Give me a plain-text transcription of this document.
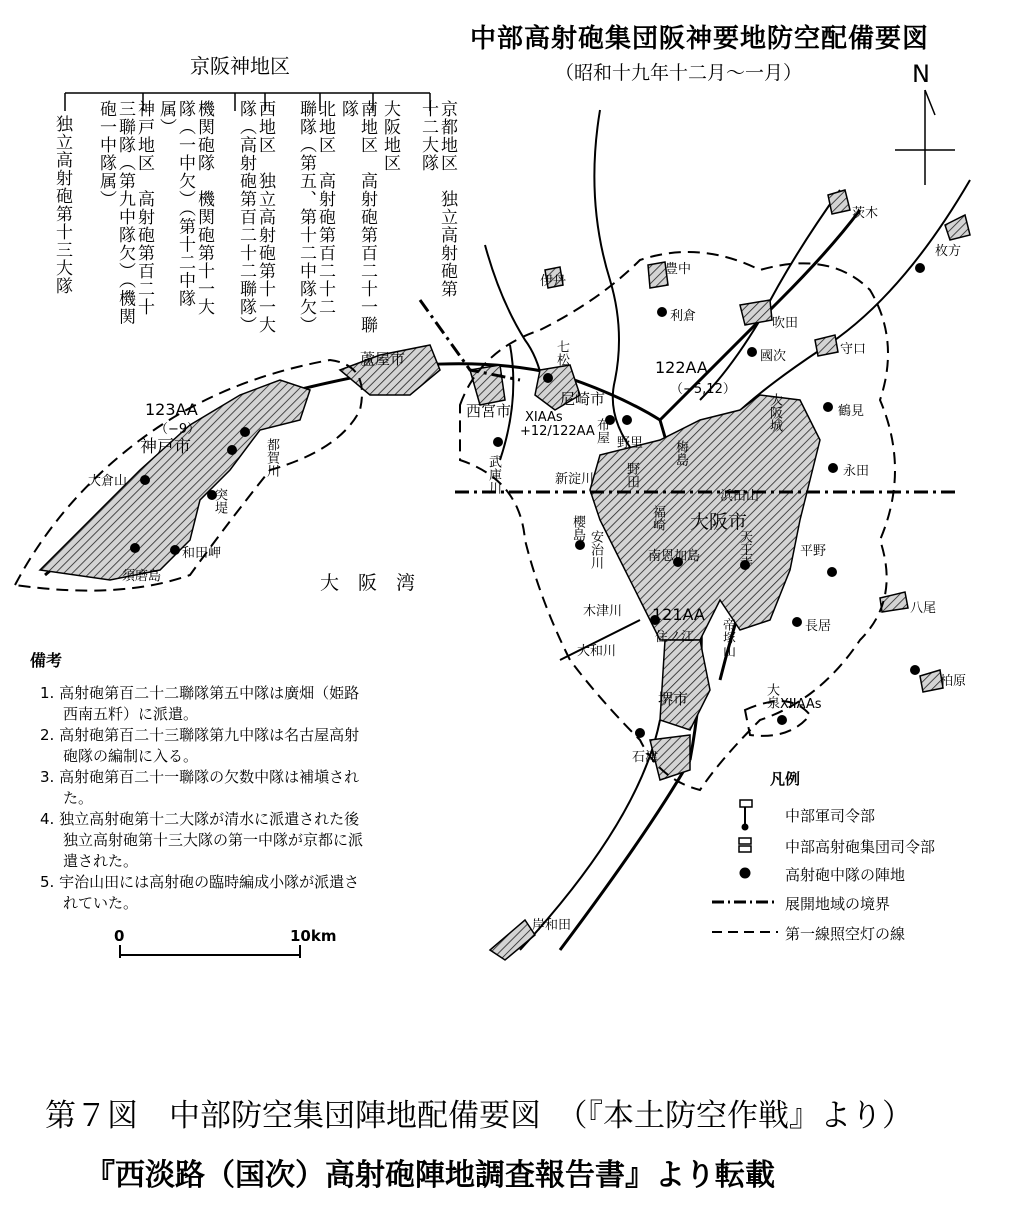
中部高射砲集団阪神要地防空配備要図
（昭和十九年十二月～一月）
京阪神地区
京都地区　独立高射砲第十二大隊
大阪地区
南地区　高射砲第百二十一聯隊
北地区　高射砲第百二十二聯隊（第五、第十二中隊欠）
西地区　独立高射砲第十一大隊（高射砲第百二十二聯隊）
機関砲隊　機関砲第十一大隊（一中欠）（第十二中隊属）
神戸地区　高射砲第百二十三聯隊（第九中隊欠）（機関砲一中隊属）
独立高射砲第十三大隊
N
尼崎市
西宮市
蘆屋市
神戸市
大阪市
大阪城
堺市
伊丹
豊中
茨木
枚方
吹田
守口
鶴見
永田
國次
利倉
七松
野里
布屋
武庫川	新淀川
梅島
野田
福崎
浜田山
大倉山
須磨島
和田岬
都賀川
突堤
櫻島
安治川
木津川
大和川
住ノ江
天王寺
南恩加島
帝塚山	長居
平野
八尾
柏原
大泉
石津
岸和田
大　阪　湾
123AA
（−9）
122AA
（−5,12）
XIAAs
+12/122AA
121AA
XIIAAs
備考
1. 高射砲第百二十二聯隊第五中隊は廣畑（姫路
西南五粁）に派遣。
2. 高射砲第百二十三聯隊第九中隊は名古屋高射
砲隊の編制に入る。
3. 高射砲第百二十一聯隊の欠数中隊は補塡され
た。
4. 独立高射砲第十二大隊が清水に派遣された後
独立高射砲第十三大隊の第一中隊が京都に派
遣された。
5. 宇治山田には高射砲の臨時編成小隊が派遣さ
れていた。
凡例
中部軍司令部
中部高射砲集団司令部
高射砲中隊の陣地
展開地域の境界
第一線照空灯の線
0	10km
第７図　中部防空集団陣地配備要図　（『本土防空作戦』より）
『西淡路（国次）高射砲陣地調査報告書』より転載
